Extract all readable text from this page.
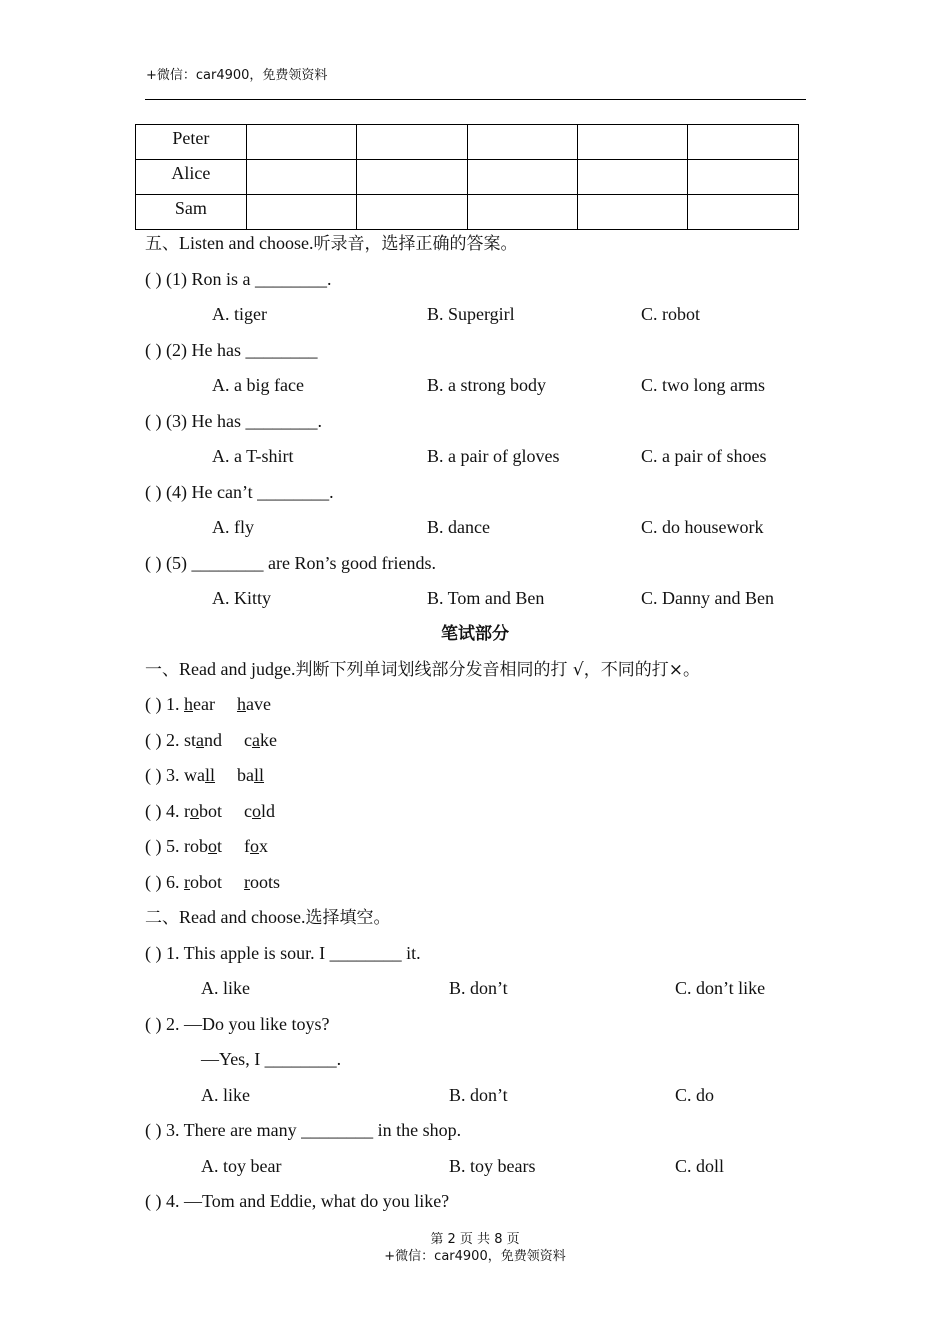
+微信：car4900，免费领资料
Peter					
Alice					
Sam					
五、Listen and choose.听录音，选择正确的答案。
( ) (1) Ron is a ________.
A. tiger	B. Supergirl	C. robot
( ) (2) He has ________
A. a big face	B. a strong body	C. two long arms
( ) (3) He has ________.
A. a T-shirt	B. a pair of gloves	C. a pair of shoes
( ) (4) He can’t ________.
A. fly	B. dance	C. do housework
( ) (5) ________ are Ron’s good friends.
A. Kitty	B. Tom and Ben	C. Danny and Ben
笔试部分
一、Read and judge.判断下列单词划线部分发音相同的打 √，不同的打×。
( ) 1. hear have
( ) 2. stand cake
( ) 3. wall ball
( ) 4. robot cold
( ) 5. robot fox
( ) 6. robot roots
二、Read and choose.选择填空。
( ) 1. This apple is sour. I ________ it.
A. like	B. don’t	C. don’t like
( ) 2. —Do you like toys?
—Yes, I ________.
A. like	B. don’t	C. do
( ) 3. There are many ________ in the shop.
A. toy bear	B. toy bears	C. doll
( ) 4. —Tom and Eddie, what do you like?
第 2 页 共 8 页
+微信：car4900，免费领资料
